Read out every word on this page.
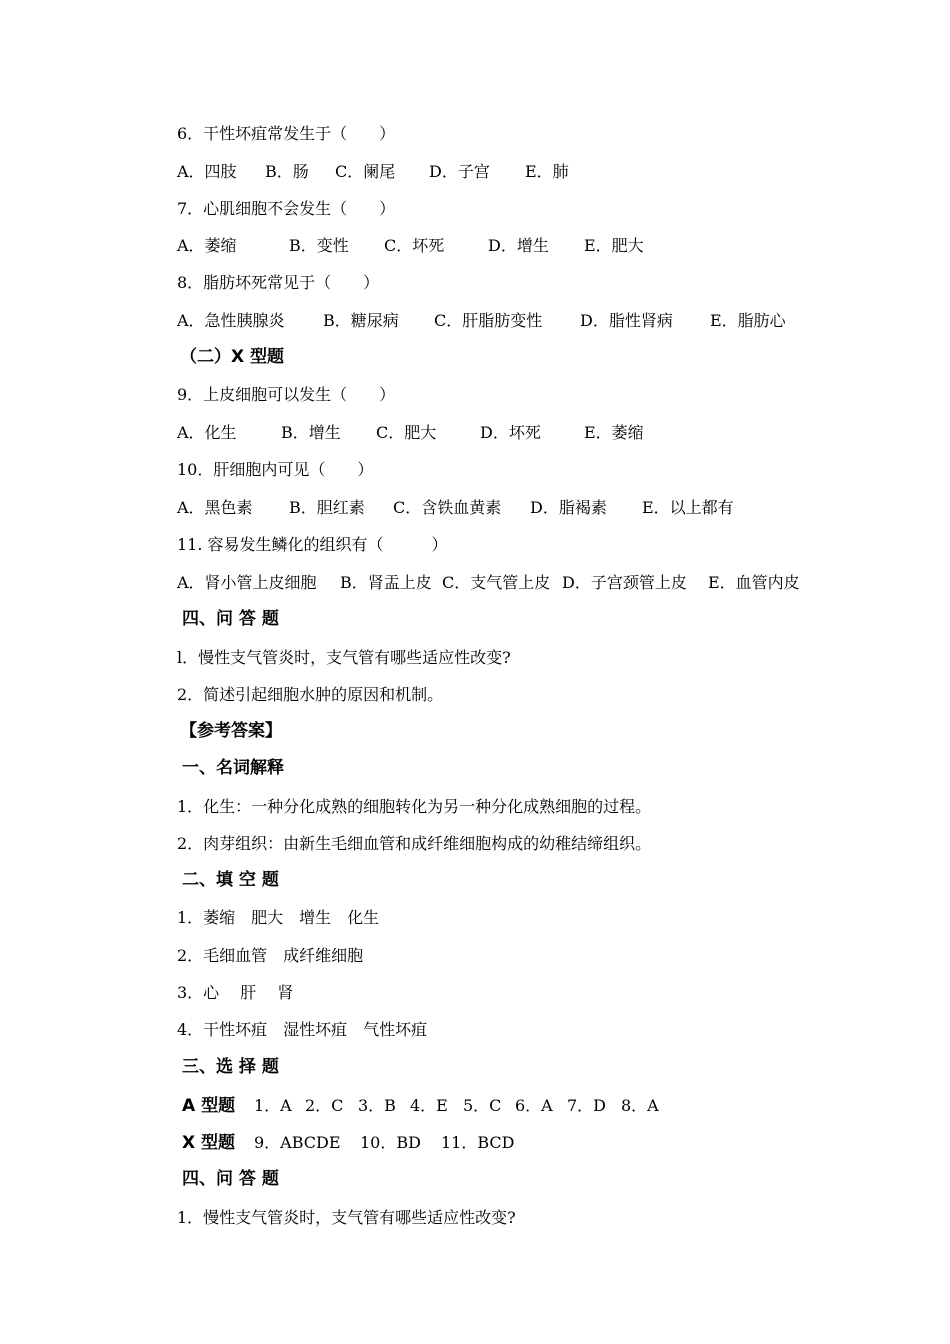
6．干性坏疽常发生于（　　）
A．四肢 B．肠 C．阑尾 D．子宫 E．肺
7．心肌细胞不会发生（　　）
A．萎缩	B．变性 C．坏死	D．增生 E．肥大
8．脂肪坏死常见于（　　）
A．急性胰腺炎 B．糖尿病 C．肝脂肪变性 D．脂性肾病 E．脂肪心
（二）X 型题
9．上皮细胞可以发生（　　）
A．化生	B．增生 C．肥大	D．坏死	E．萎缩
10．肝细胞内可见（　　）
A．黑色素 B．胆红素 C．含铁血黄素 D．脂褐素 E．以上都有
11. 容易发生鳞化的组织有（　　　）
A．肾小管上皮细胞 B．肾盂上皮 C．支气管上皮 D．子宫颈管上皮 E．血管内皮
四、问 答 题
l．慢性支气管炎时，支气管有哪些适应性改变?
2．简述引起细胞水肿的原因和机制。
【参考答案】
一、名词解释
1．化生：一种分化成熟的细胞转化为另一种分化成熟细胞的过程。
2．肉芽组织：由新生毛细血管和成纤维细胞构成的幼稚结缔组织。
二、填 空 题
1．萎缩　肥大　增生　化生
2．毛细血管　成纤维细胞
3．心　 肝　 肾
4．干性坏疽　湿性坏疽　气性坏疽
三、选 择 题
A 型题 1．A 2．C 3．B 4．E 5．C 6．A 7．D 8．A
X 型题 9．ABCDE 10．BD 11．BCD
四、问 答 题
1．慢性支气管炎时，支气管有哪些适应性改变?
